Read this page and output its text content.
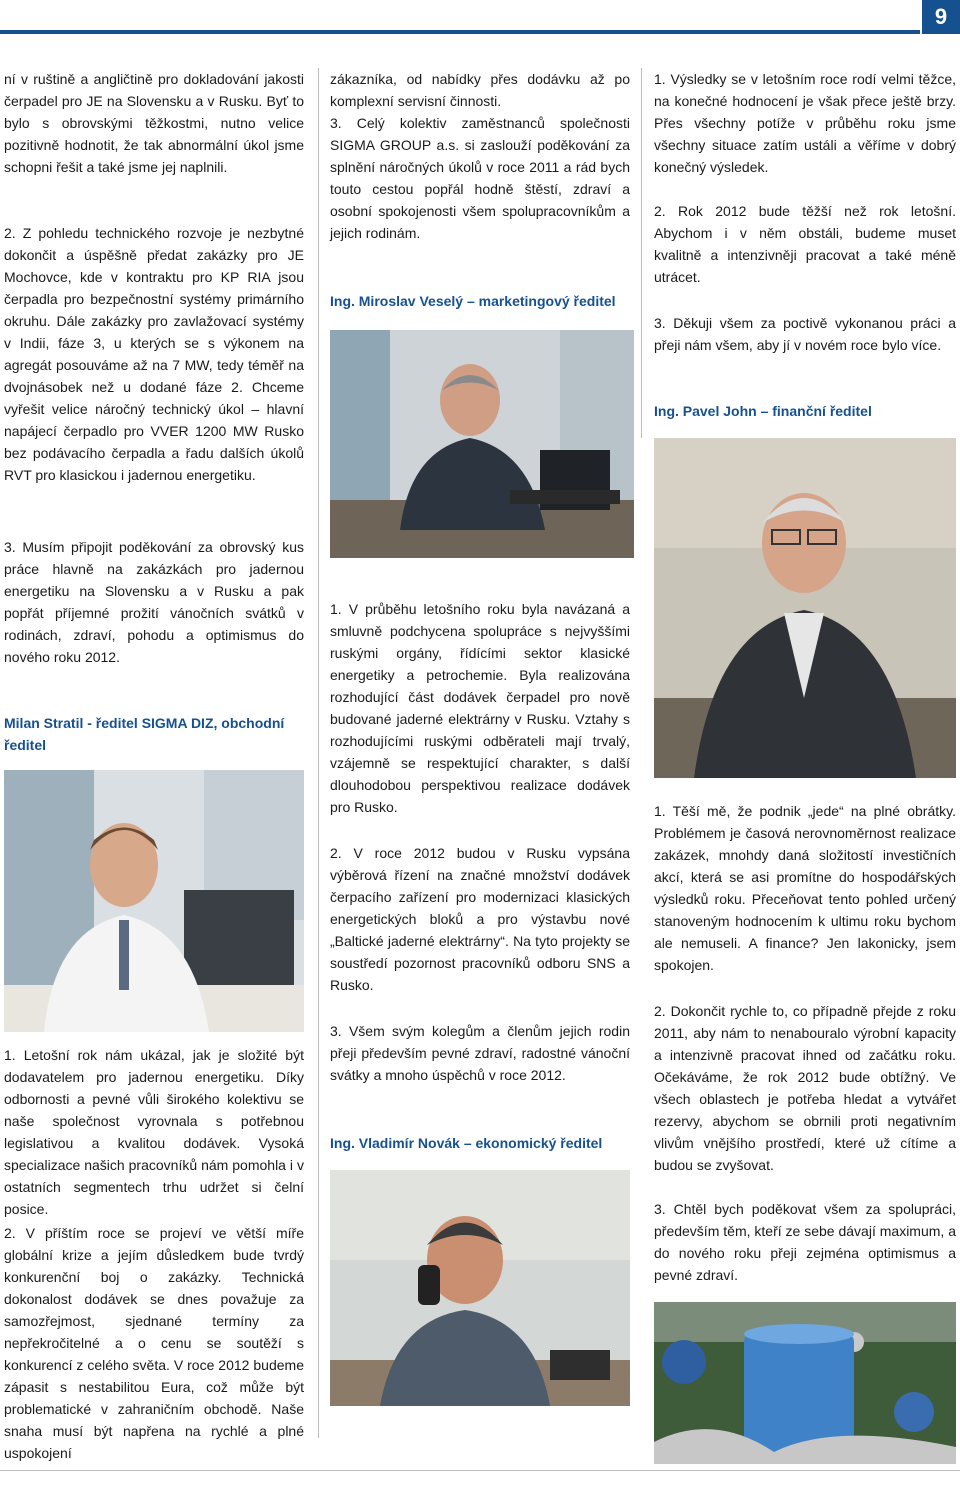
9

ní v ruštině a angličtině pro dokladování jakosti čerpadel pro JE na Slovensku a v Rusku. Byť to bylo s obrovskými těžkostmi, nutno velice pozitivně hodnotit, že tak abnormální úkol jsme schopni řešit a také jsme jej naplnili.

2. Z pohledu technického rozvoje je nezbytné dokončit a úspěšně předat zakázky pro JE Mochovce, kde v kontraktu pro KP RIA jsou čerpadla pro bezpečnostní systémy primárního okruhu. Dále zakázky pro zavlažovací systémy v Indii, fáze 3, u kterých se s výkonem na agregát posouváme až na 7 MW, tedy téměř na dvojnásobek než u dodané fáze 2. Chceme vyřešit velice náročný technický úkol – hlavní napájecí čerpadlo pro VVER 1200 MW Rusko bez podávacího čerpadla a řadu dalších úkolů RVT pro klasickou i jadernou energetiku.

3. Musím připojit poděkování za obrovský kus práce hlavně na zakázkách pro jadernou energetiku na Slovensku a v Rusku a pak popřát příjemné prožití vánočních svátků v rodinách, zdraví, pohodu a optimismus do nového roku 2012.

Milan Stratil - ředitel SIGMA DIZ, obchodní ředitel

1. Letošní rok nám ukázal, jak je složité být dodavatelem pro jadernou energetiku. Díky odbornosti a pevné vůli širokého kolektivu se naše společnost vyrovnala s potřebnou legislativou a kvalitou dodávek. Vysoká specializace našich pracovníků nám pomohla i v ostatních segmentech trhu udržet si čelní posice.

2. V příštím roce se projeví ve větší míře globální krize a jejím důsledkem bude tvrdý konkurenční boj o zakázky. Technická dokonalost dodávek se dnes považuje za samozřejmost, sjednané termíny za nepřekročitelné a o cenu se soutěží s konkurencí z celého světa. V roce 2012 budeme zápasit s nestabilitou Eura, což může být problematické v zahraničním obchodě. Naše snaha musí být napřena na rychlé a plné uspokojení

zákazníka, od nabídky přes dodávku až po komplexní servisní činnosti.

3. Celý kolektiv zaměstnanců společnosti SIGMA GROUP a.s. si zaslouží poděkování za splnění náročných úkolů v roce 2011 a rád bych touto cestou popřál hodně štěstí, zdraví a osobní spokojenosti všem spolupracovníkům a jejich rodinám.

Ing. Miroslav Veselý – marketingový ředitel

1. V průběhu letošního roku byla navázaná a smluvně podchycena spolupráce s nejvyššími ruskými orgány, řídícími sektor klasické energetiky a petrochemie. Byla realizována rozhodující část dodávek čerpadel pro nově budované jaderné elektrárny v Rusku. Vztahy s rozhodujícími ruskými odběrateli mají trvalý, vzájemně se respektující charakter, s další dlouhodobou perspektivou realizace dodávek pro Rusko.

2. V roce 2012 budou v Rusku vypsána výběrová řízení na značné množství dodávek čerpacího zařízení pro modernizaci klasických energetických bloků a pro výstavbu nové „Baltické jaderné elektrárny“. Na tyto projekty se soustředí pozornost pracovníků odboru SNS a Rusko.

3. Všem svým kolegům a členům jejich rodin přeji především pevné zdraví, radostné vánoční svátky a mnoho úspěchů v roce 2012.

Ing. Vladimír Novák – ekonomický ředitel

1. Výsledky se v letošním roce rodí velmi těžce, na konečné hodnocení je však přece ještě brzy. Přes všechny potíže v průběhu roku jsme všechny situace zatím ustáli a věříme v dobrý konečný výsledek.

2. Rok 2012 bude těžší než rok letošní. Abychom i v něm obstáli, budeme muset kvalitně a intenzivněji pracovat a také méně utrácet.

3. Děkuji všem za poctivě vykonanou práci a přeji nám všem, aby jí v novém roce bylo více.

Ing. Pavel John – finanční ředitel

1. Těší mě, že podnik „jede“ na plné obrátky. Problémem je časová nerovnoměrnost realizace zakázek, mnohdy daná složitostí investičních akcí, která se asi promítne do hospodářských výsledků roku. Přeceňovat tento pohled určený stanoveným hodnocením k ultimu roku bychom ale nemuseli. A finance? Jen lakonicky, jsem spokojen.

2. Dokončit rychle to, co případně přejde z roku 2011, aby nám to nenabouralo výrobní kapacity a intenzivně pracovat ihned od začátku roku. Očekáváme, že rok 2012 bude obtížný. Ve všech oblastech je potřeba hledat a vytvářet rezervy, abychom se obrnili proti negativním vlivům vnějšího prostředí, které už cítíme a budou se zvyšovat.

3. Chtěl bych poděkovat všem za spolupráci, především těm, kteří ze sebe dávají maximum, a do nového roku přeji zejména optimismus a pevné zdraví.
